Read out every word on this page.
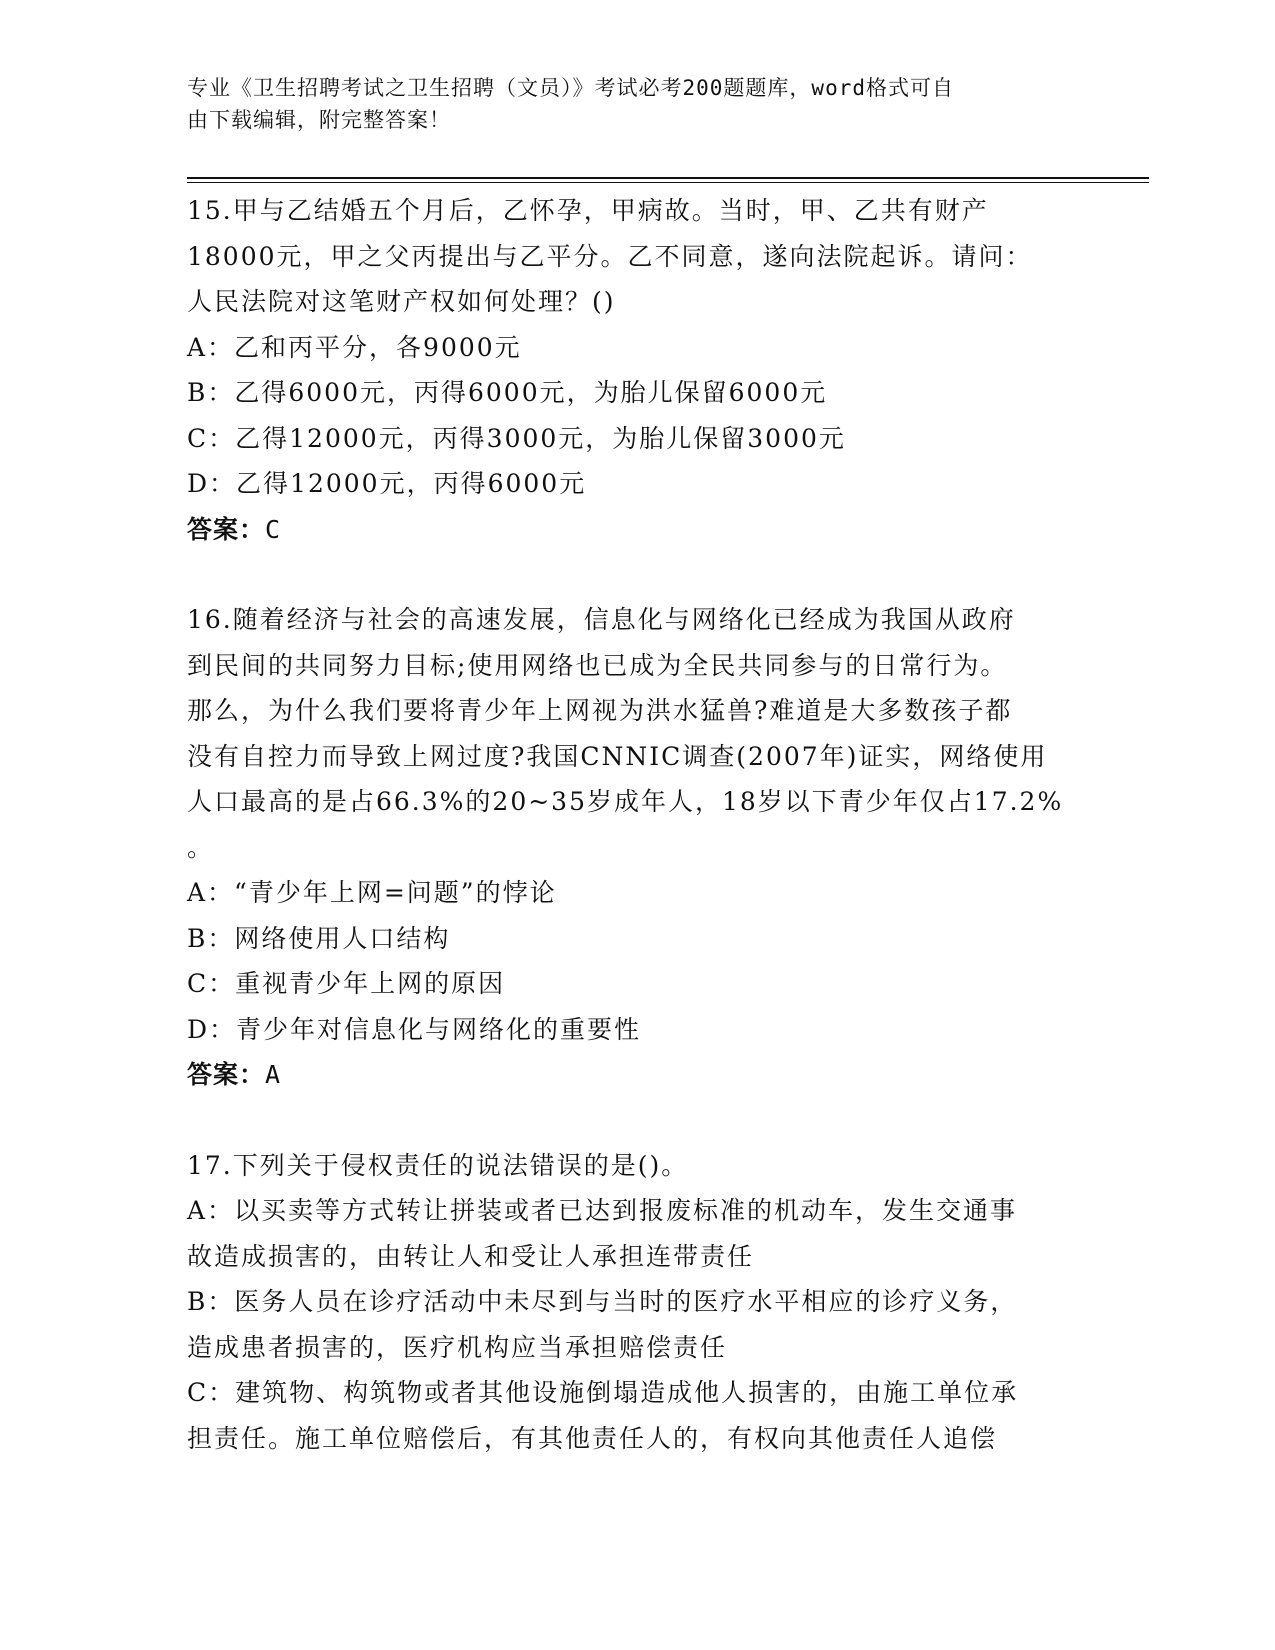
专业《卫生招聘考试之卫生招聘（文员）》考试必考200题题库，word格式可自

由下载编辑，附完整答案！

15.甲与乙结婚五个月后，乙怀孕，甲病故。当时，甲、乙共有财产

18000元，甲之父丙提出与乙平分。乙不同意，遂向法院起诉。请问：

人民法院对这笔财产权如何处理？()

A：乙和丙平分，各9000元

B：乙得6000元，丙得6000元，为胎儿保留6000元

C：乙得12000元，丙得3000元，为胎儿保留3000元

D：乙得12000元，丙得6000元

答案：C

16.随着经济与社会的高速发展，信息化与网络化已经成为我国从政府

到民间的共同努力目标;使用网络也已成为全民共同参与的日常行为。

那么，为什么我们要将青少年上网视为洪水猛兽?难道是大多数孩子都

没有自控力而导致上网过度?我国CNNIC调查(2007年)证实，网络使用

人口最高的是占66.3%的20~35岁成年人，18岁以下青少年仅占17.2%

。

A：“青少年上网=问题”的悖论

B：网络使用人口结构

C：重视青少年上网的原因

D：青少年对信息化与网络化的重要性

答案：A

17.下列关于侵权责任的说法错误的是()。

A：以买卖等方式转让拼装或者已达到报废标准的机动车，发生交通事

故造成损害的，由转让人和受让人承担连带责任

B：医务人员在诊疗活动中未尽到与当时的医疗水平相应的诊疗义务，

造成患者损害的，医疗机构应当承担赔偿责任

C：建筑物、构筑物或者其他设施倒塌造成他人损害的，由施工单位承

担责任。施工单位赔偿后，有其他责任人的，有权向其他责任人追偿
